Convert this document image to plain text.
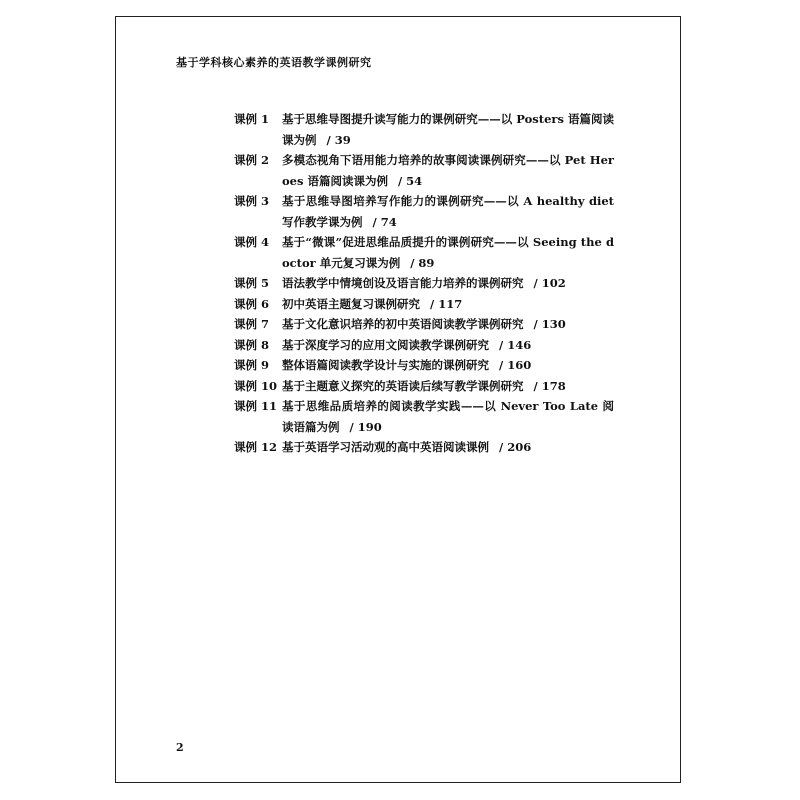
基于学科核心素养的英语教学课例研究
课例 1	基于思维导图提升读写能力的课例研究——以 Posters 语篇阅读课为例 / 39
课例 2	多模态视角下语用能力培养的故事阅读课例研究——以 Pet Heroes 语篇阅读课为例 / 54
课例 3	基于思维导图培养写作能力的课例研究——以 A healthy diet 写作教学课为例 / 74
课例 4	基于“微课”促进思维品质提升的课例研究——以 Seeing the doctor 单元复习课为例 / 89
课例 5	语法教学中情境创设及语言能力培养的课例研究 / 102
课例 6	初中英语主题复习课例研究 / 117
课例 7	基于文化意识培养的初中英语阅读教学课例研究 / 130
课例 8	基于深度学习的应用文阅读教学课例研究 / 146
课例 9	整体语篇阅读教学设计与实施的课例研究 / 160
课例 10 基于主题意义探究的英语读后续写教学课例研究 / 178
课例 11 基于思维品质培养的阅读教学实践——以 Never Too Late 阅读语篇为例 / 190
课例 12 基于英语学习活动观的高中英语阅读课例 / 206
2
